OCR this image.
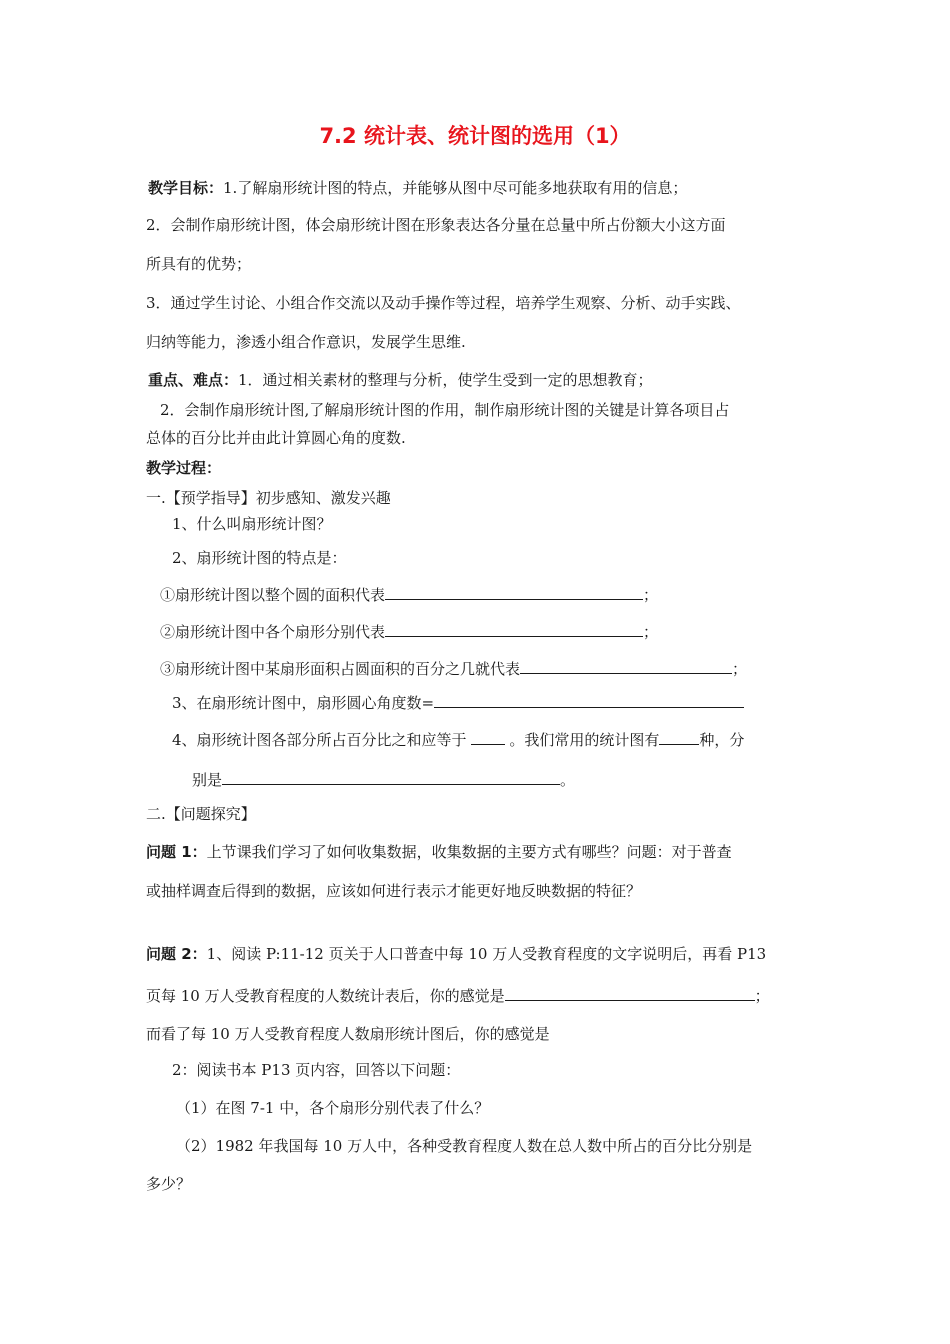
7.2 统计表、统计图的选用（1）
教学目标：1.了解扇形统计图的特点，并能够从图中尽可能多地获取有用的信息；
2．会制作扇形统计图，体会扇形统计图在形象表达各分量在总量中所占份额大小这方面
所具有的优势；
3．通过学生讨论、小组合作交流以及动手操作等过程，培养学生观察、分析、动手实践、
归纳等能力，渗透小组合作意识，发展学生思维.
重点、难点：1．通过相关素材的整理与分析，使学生受到一定的思想教育；
2．会制作扇形统计图,了解扇形统计图的作用，制作扇形统计图的关键是计算各项目占
总体的百分比并由此计算圆心角的度数.
教学过程：
一.【预学指导】初步感知、激发兴趣
1、什么叫扇形统计图？
2、扇形统计图的特点是：
①扇形统计图以整个圆的面积代表	；
②扇形统计图中各个扇形分别代表	；
③扇形统计图中某扇形面积占圆面积的百分之几就代表	；
3、在扇形统计图中，扇形圆心角度数=
4、扇形统计图各部分所占百分比之和应等于	。我们常用的统计图有	种，分
别是	。
二.【问题探究】
问题 1：上节课我们学习了如何收集数据，收集数据的主要方式有哪些？问题：对于普查
或抽样调查后得到的数据，应该如何进行表示才能更好地反映数据的特征？
问题 2：1、阅读 P:11-12 页关于人口普查中每 10 万人受教育程度的文字说明后，再看 P13
页每 10 万人受教育程度的人数统计表后，你的感觉是	；
而看了每 10 万人受教育程度人数扇形统计图后，你的感觉是
2：阅读书本 P13 页内容，回答以下问题：
（1）在图 7-1 中，各个扇形分别代表了什么？
（2）1982 年我国每 10 万人中，各种受教育程度人数在总人数中所占的百分比分别是
多少？
